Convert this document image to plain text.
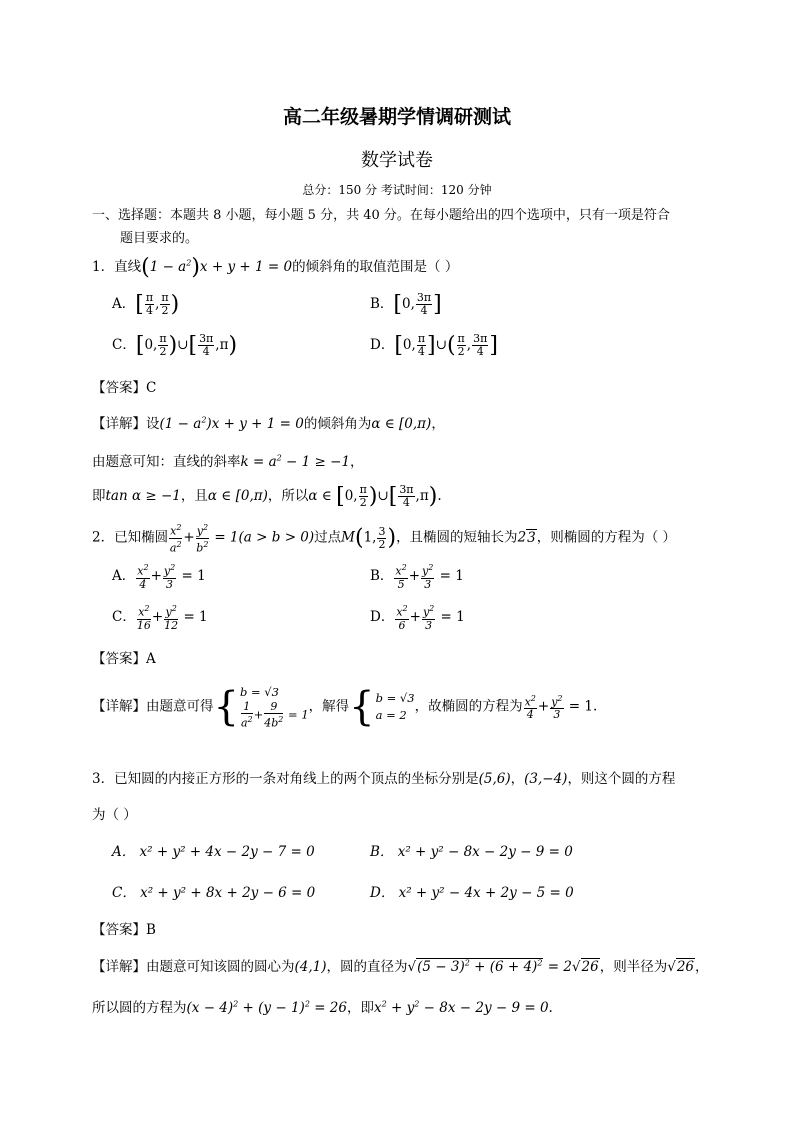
高二年级暑期学情调研测试
数学试卷
总分：150 分 考试时间：120 分钟
一、选择题：本题共 8 小题，每小题 5 分，共 40 分。在每小题给出的四个选项中，只有一项是符合
题目要求的。
1．直线$(1 - a^2)x + y + 1 = 0$的倾斜角的取值范围是（ ）
A．[ $\frac{\pi}{4}$ , $\frac{\pi}{2}$ )	B．[0, $\frac{3\pi}{4}$ ]
C．[0, $\frac{\pi}{2}$ )∪[ $\frac{3\pi}{4} ,\pi$)	D．[0, $\frac{\pi}{4}$ ]∪( $\frac{\pi}{2}$ , $\frac{3\pi}{4}$ ]
【答案】C
【详解】设$(1 - a^2)x + y + 1 = 0$的倾斜角为α ∈ [0,π)，
由题意可知：直线的斜率$k = a^2 - 1 \ge -1$，
即tan α ≥ −1，且α ∈ [0,π)，所以α ∈ [0, $\frac{\pi}{2}$ )∪[ $\frac{3\pi}{4} ,\pi$).
2．已知椭圆 $\frac{x^2}{a^2} + \frac{y^2}{b^2} = 1(a > b > 0)$过点M(1, $\frac{3}{2}$ )，且椭圆的短轴长为23，则椭圆的方程为（ ）
A． $\frac{x^2}{4} + \frac{y^2}{3} = 1$	B． $\frac{x^2}{5} + \frac{y^2}{3} = 1$
C． $\frac{x^2}{16} + \frac{y^2}{12} = 1$	D． $\frac{x^2}{6} + \frac{y^2}{3} = 1$
【答案】A
【详解】由题意可得 { b = √3
$\frac{1}{a^2} + \frac{9}{4b^2} = 1$ ，解得 { b = √3
a = 2
，故椭圆的方程为 $\frac{x^2}{4} + \frac{y^2}{3} = 1$.
3．已知圆的内接正方形的一条对角线上的两个顶点的坐标分别是(5,6)，(3,−4)，则这个圆的方程
为（ ）
A． x² + y² + 4x − 2y − 7 = 0	B． x² + y² − 8x − 2y − 9 = 0
C． x² + y² + 8x + 2y − 6 = 0	D． x² + y² − 4x + 2y − 5 = 0
【答案】B
【详解】由题意可知该圆的圆心为(4,1)，圆的直径为$√(5 - 3)^2 + (6 + 4)^2 = 2√26$，则半径为√26，
所以圆的方程为$(x - 4)^2 + (y - 1)^2 = 26$，即$x^2 + y^2 - 8x - 2y - 9 = 0$.
